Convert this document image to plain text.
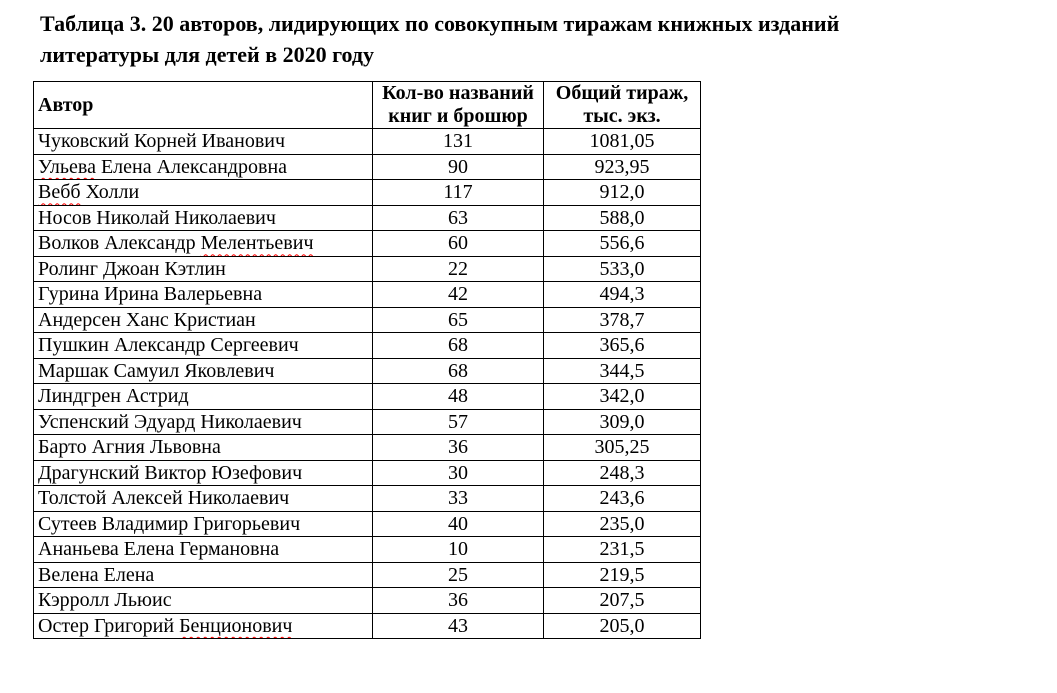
Таблица 3. 20 авторов, лидирующих по совокупным тиражам книжных изданий
литературы для детей в 2020 году
Автор	Кол-во названий книг и брошюр	Общий тираж, тыс. экз.
Чуковский Корней Иванович	131	1081,05
Ульева Елена Александровна	90	923,95
Вебб Холли	117	912,0
Носов Николай Николаевич	63	588,0
Волков Александр Мелентьевич	60	556,6
Ролинг Джоан Кэтлин	22	533,0
Гурина Ирина Валерьевна	42	494,3
Андерсен Ханс Кристиан	65	378,7
Пушкин Александр Сергеевич	68	365,6
Маршак Самуил Яковлевич	68	344,5
Линдгрен Астрид	48	342,0
Успенский Эдуард Николаевич	57	309,0
Барто Агния Львовна	36	305,25
Драгунский Виктор Юзефович	30	248,3
Толстой Алексей Николаевич	33	243,6
Сутеев Владимир Григорьевич	40	235,0
Ананьева Елена Германовна	10	231,5
Велена Елена	25	219,5
Кэрролл Льюис	36	207,5
Остер Григорий Бенционович	43	205,0
